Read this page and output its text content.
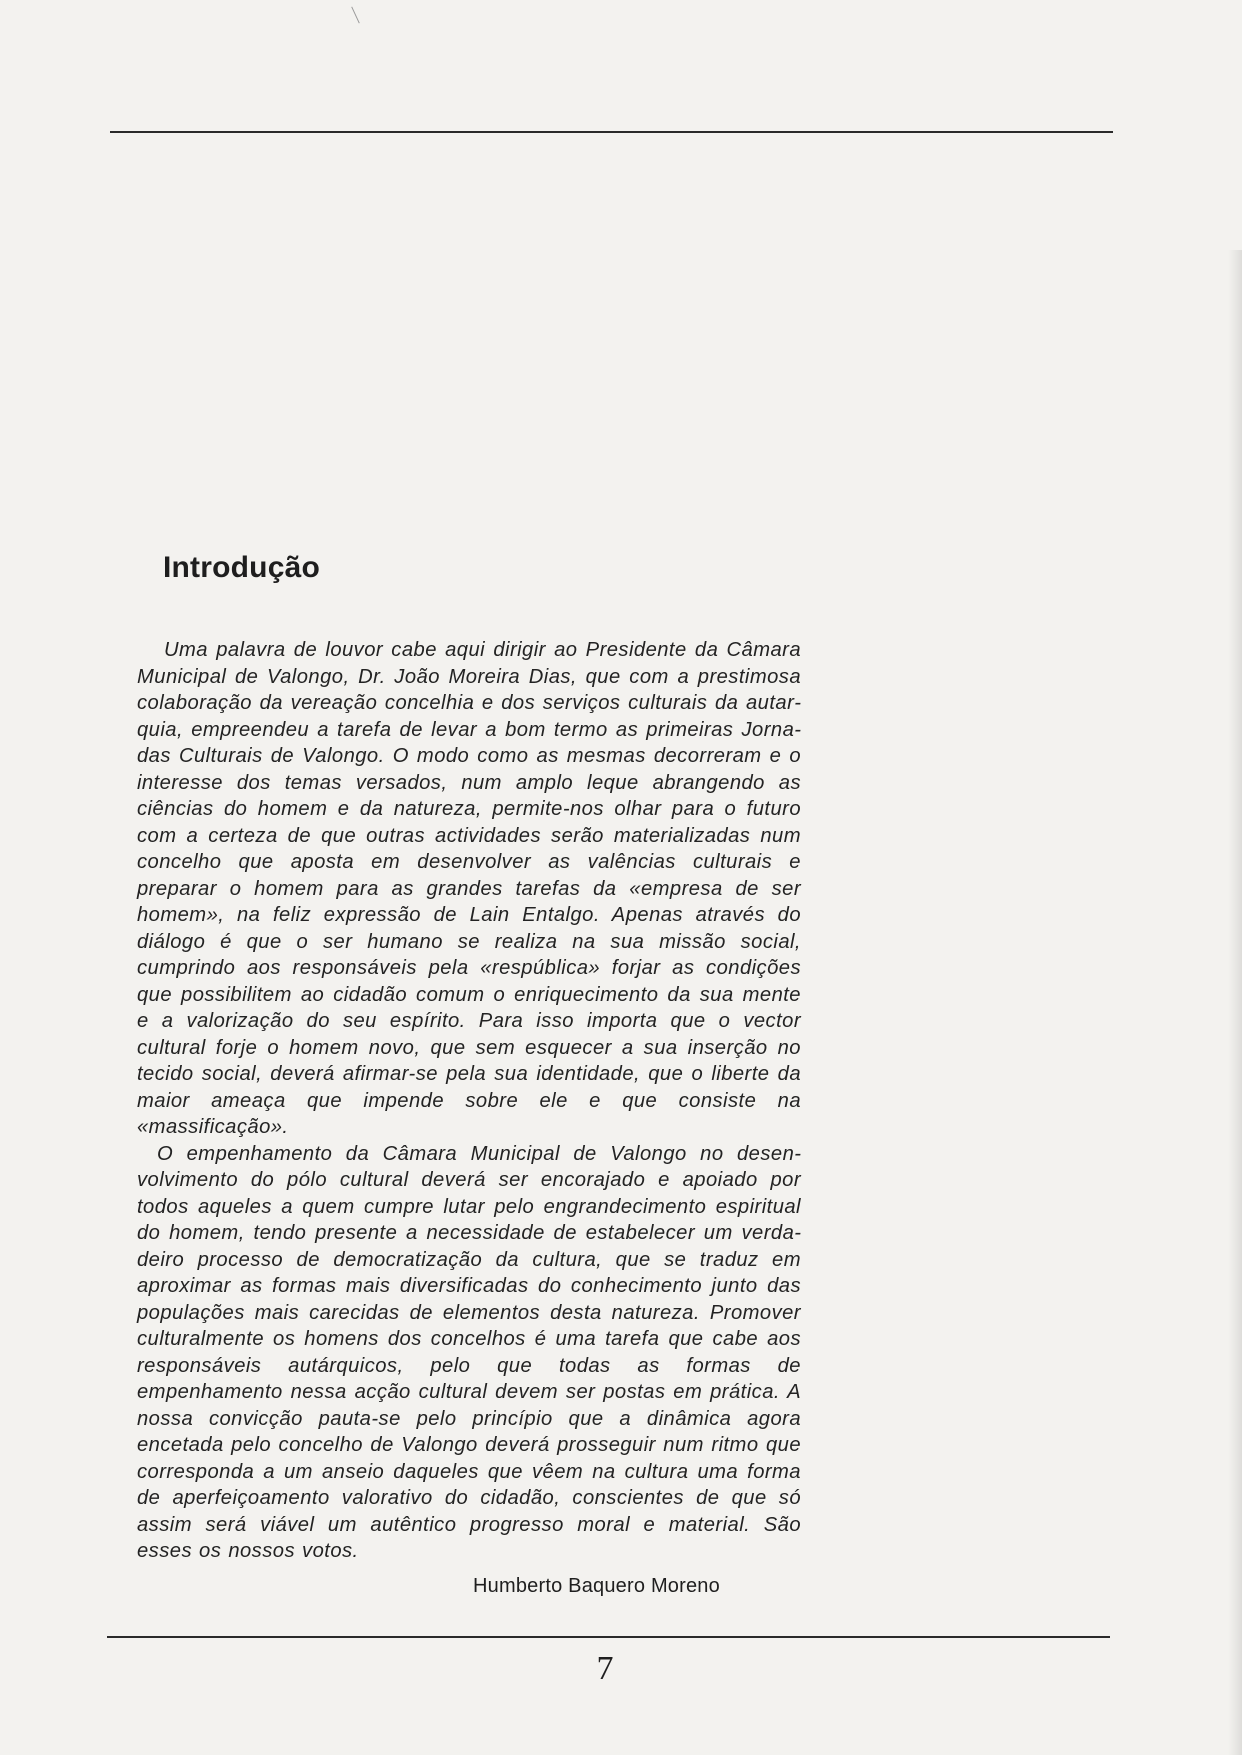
Introdução

Uma palavra de louvor cabe aqui dirigir ao Presidente da Câmara Municipal de Valongo, Dr. João Moreira Dias, que com a prestimosa colaboração da vereação concelhia e dos serviços culturais da autarquia, empreendeu a tarefa de levar a bom termo as primeiras Jornadas Culturais de Valongo. O modo como as mesmas decorreram e o interesse dos temas versados, num amplo leque abrangendo as ciências do homem e da natureza, permite-nos olhar para o futuro com a certeza de que outras actividades serão materializadas num concelho que aposta em desenvolver as valências culturais e preparar o homem para as grandes tarefas da «empresa de ser homem», na feliz expressão de Lain Entalgo. Apenas através do diálogo é que o ser humano se realiza na sua missão social, cumprindo aos responsáveis pela «respública» forjar as condições que possibilitem ao cidadão comum o enriquecimento da sua mente e a valorização do seu espírito. Para isso importa que o vector cultural forje o homem novo, que sem esquecer a sua inserção no tecido social, deverá afirmar-se pela sua identidade, que o liberte da maior ameaça que impende sobre ele e que consiste na «massificação».

O empenhamento da Câmara Municipal de Valongo no desenvolvimento do pólo cultural deverá ser encorajado e apoiado por todos aqueles a quem cumpre lutar pelo engrandecimento espiritual do homem, tendo presente a necessidade de estabelecer um verdadeiro processo de democratização da cultura, que se traduz em aproximar as formas mais diversificadas do conhecimento junto das populações mais carecidas de elementos desta natureza. Promover culturalmente os homens dos concelhos é uma tarefa que cabe aos responsáveis autárquicos, pelo que todas as formas de empenhamento nessa acção cultural devem ser postas em prática. A nossa convicção pauta-se pelo princípio que a dinâmica agora encetada pelo concelho de Valongo deverá prosseguir num ritmo que corresponda a um anseio daqueles que vêem na cultura uma forma de aperfeiçoamento valorativo do cidadão, conscientes de que só assim será viável um autêntico progresso moral e material. São esses os nossos votos.

Humberto Baquero Moreno
7
